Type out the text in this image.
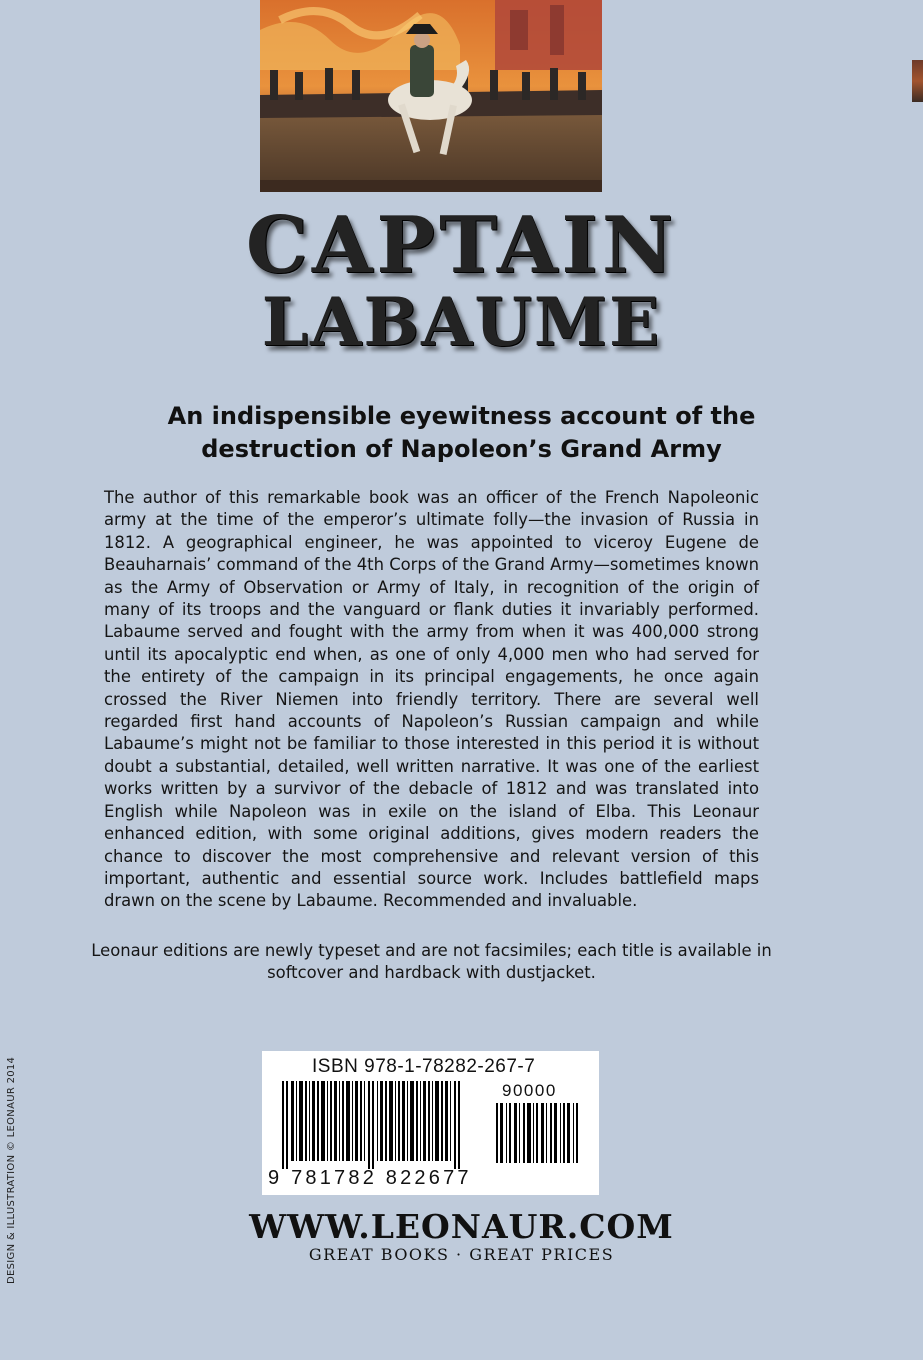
CAPTAIN
LABAUME
An indispensible eyewitness account of the destruction of Napoleon’s Grand Army

The author of this remarkable book was an officer of the French Napoleonic army at the time of the emperor’s ultimate folly—the invasion of Russia in 1812. A geographical engineer, he was appointed to viceroy Eugene de Beauharnais’ command of the 4th Corps of the Grand Army—sometimes known as the Army of Observation or Army of Italy, in recognition of the origin of many of its troops and the vanguard or flank duties it invariably performed. Labaume served and fought with the army from when it was 400,000 strong until its apocalyptic end when, as one of only 4,000 men who had served for the entirety of the campaign in its principal engagements, he once again crossed the River Niemen into friendly territory. There are several well regarded first hand accounts of Napoleon’s Russian campaign and while Labaume’s might not be familiar to those interested in this period it is without doubt a substantial, detailed, well written narrative. It was one of the earliest works written by a survivor of the debacle of 1812 and was translated into English while Napoleon was in exile on the island of Elba. This Leonaur enhanced edition, with some original additions, gives modern readers the chance to discover the most comprehensive and relevant version of this important, authentic and essential source work. Includes battlefield maps drawn on the scene by Labaume. Recommended and invaluable.

Leonaur editions are newly typeset and are not facsimiles; each title is available in softcover and hardback with dustjacket.
DESIGN & ILLUSTRATION © LEONAUR 2014	ISBN 978-1-78282-267-7
90000
9 781782 822677
WWW.LEONAUR.COM
GREAT BOOKS · GREAT PRICES
